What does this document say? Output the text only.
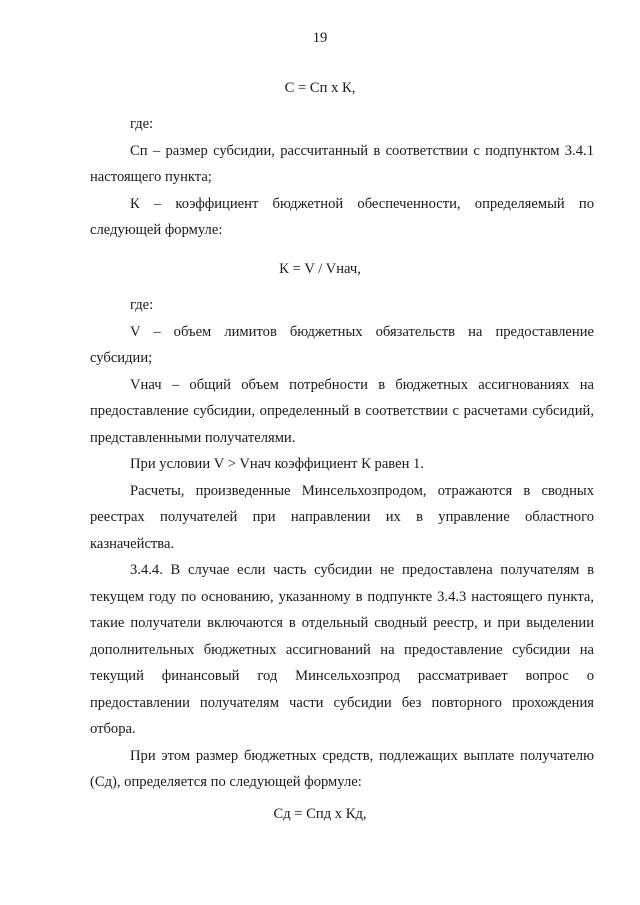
19
С = Сп х К,

где:

Сп – размер субсидии, рассчитанный в соответствии с подпунктом 3.4.1 настоящего пункта;

К – коэффициент бюджетной обеспеченности, определяемый по следующей формуле:

К = V / Vнач,

где:

V – объем лимитов бюджетных обязательств на предоставление субсидии;

Vнач – общий объем потребности в бюджетных ассигнованиях на предоставление субсидии, определенный в соответствии с расчетами субсидий, представленными получателями.

При условии V > Vнач коэффициент К равен 1.

Расчеты, произведенные Минсельхозпродом, отражаются в сводных реестрах получателей при направлении их в управление областного казначейства.

3.4.4. В случае если часть субсидии не предоставлена получателям в текущем году по основанию, указанному в подпункте 3.4.3 настоящего пункта, такие получатели включаются в отдельный сводный реестр, и при выделении дополнительных бюджетных ассигнований на предоставление субсидии на текущий финансовый год Минсельхозпрод рассматривает вопрос о предоставлении получателям части субсидии без повторного прохождения отбора.

При этом размер бюджетных средств, подлежащих выплате получателю (Сд), определяется по следующей формуле:

Сд = Спд х Кд,
